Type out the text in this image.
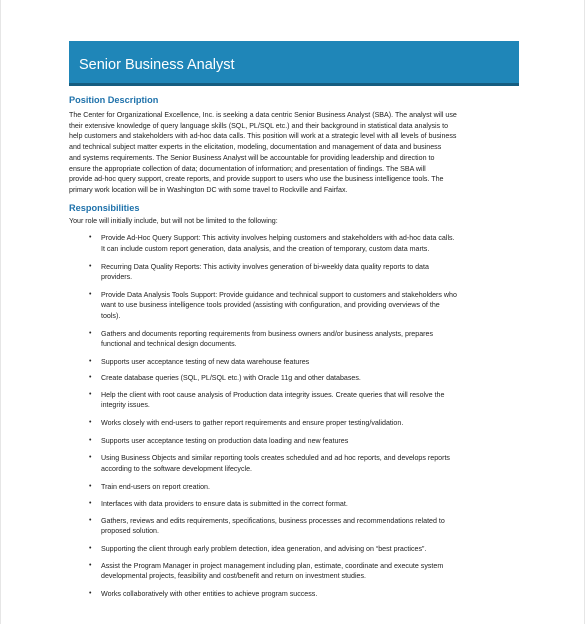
Senior Business Analyst
Position Description

The Center for Organizational Excellence, Inc. is seeking a data centric Senior Business Analyst (SBA). The analyst will use
their extensive knowledge of query language skills (SQL, PL/SQL etc.) and their background in statistical data analysis to
help customers and stakeholders with ad-hoc data calls. This position will work at a strategic level with all levels of business
and technical subject matter experts in the elicitation, modeling, documentation and management of data and business
and systems requirements. The Senior Business Analyst will be accountable for providing leadership and direction to
ensure the appropriate collection of data; documentation of information; and presentation of findings. The SBA will
provide ad-hoc query support, create reports, and provide support to users who use the business intelligence tools. The
primary work location will be in Washington DC with some travel to Rockville and Fairfax.

Responsibilities
Your role will initially include, but will not be limited to the following:
• Provide Ad-Hoc Query Support: This activity involves helping customers and stakeholders with ad-hoc data calls.
It can include custom report generation, data analysis, and the creation of temporary, custom data marts.
• Recurring Data Quality Reports: This activity involves generation of bi-weekly data quality reports to data
providers.
• Provide Data Analysis Tools Support: Provide guidance and technical support to customers and stakeholders who
want to use business intelligence tools provided (assisting with configuration, and providing overviews of the
tools).
• Gathers and documents reporting requirements from business owners and/or business analysts, prepares
functional and technical design documents.
• Supports user acceptance testing of new data warehouse features
• Create database queries (SQL, PL/SQL etc.) with Oracle 11g and other databases.
• Help the client with root cause analysis of Production data integrity issues. Create queries that will resolve the
integrity issues.
• Works closely with end-users to gather report requirements and ensure proper testing/validation.
• Supports user acceptance testing on production data loading and new features
• Using Business Objects and similar reporting tools creates scheduled and ad hoc reports, and develops reports
according to the software development lifecycle.
• Train end-users on report creation.
• Interfaces with data providers to ensure data is submitted in the correct format.
• Gathers, reviews and edits requirements, specifications, business processes and recommendations related to
proposed solution.
• Supporting the client through early problem detection, idea generation, and advising on “best practices”.
• Assist the Program Manager in project management including plan, estimate, coordinate and execute system
developmental projects, feasibility and cost/benefit and return on investment studies.
• Works collaboratively with other entities to achieve program success.
